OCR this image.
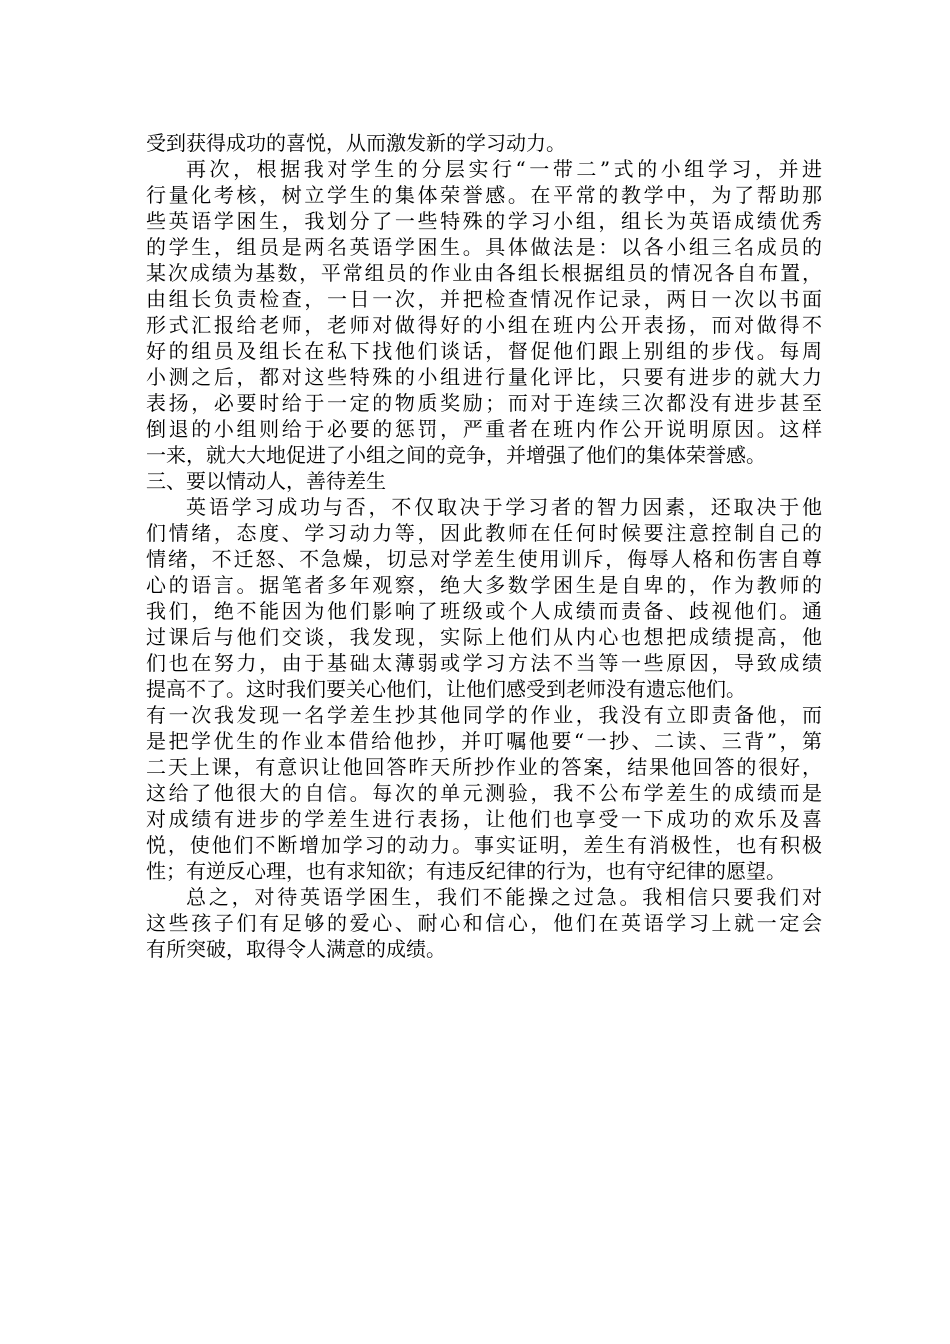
受到获得成功的喜悦，从而激发新的学习动力。
再次，根据我对学生的分层实行“一带二”式的小组学习，并进
行量化考核，树立学生的集体荣誉感。在平常的教学中，为了帮助那
些英语学困生，我划分了一些特殊的学习小组，组长为英语成绩优秀
的学生，组员是两名英语学困生。具体做法是：以各小组三名成员的
某次成绩为基数，平常组员的作业由各组长根据组员的情况各自布置，
由组长负责检查，一日一次，并把检查情况作记录，两日一次以书面
形式汇报给老师，老师对做得好的小组在班内公开表扬，而对做得不
好的组员及组长在私下找他们谈话，督促他们跟上别组的步伐。每周
小测之后，都对这些特殊的小组进行量化评比，只要有进步的就大力
表扬，必要时给于一定的物质奖励；而对于连续三次都没有进步甚至
倒退的小组则给于必要的惩罚，严重者在班内作公开说明原因。这样
一来，就大大地促进了小组之间的竞争，并增强了他们的集体荣誉感。
三、要以情动人，善待差生
英语学习成功与否，不仅取决于学习者的智力因素，还取决于他
们情绪，态度、学习动力等，因此教师在任何时候要注意控制自己的
情绪，不迁怒、不急燥，切忌对学差生使用训斥，侮辱人格和伤害自尊
心的语言。据笔者多年观察，绝大多数学困生是自卑的，作为教师的
我们，绝不能因为他们影响了班级或个人成绩而责备、歧视他们。通
过课后与他们交谈，我发现，实际上他们从内心也想把成绩提高，他
们也在努力，由于基础太薄弱或学习方法不当等一些原因，导致成绩
提高不了。这时我们要关心他们，让他们感受到老师没有遗忘他们。
有一次我发现一名学差生抄其他同学的作业，我没有立即责备他，而
是把学优生的作业本借给他抄，并叮嘱他要“一抄、二读、三背”，第
二天上课，有意识让他回答昨天所抄作业的答案，结果他回答的很好，
这给了他很大的自信。每次的单元测验，我不公布学差生的成绩而是
对成绩有进步的学差生进行表扬，让他们也享受一下成功的欢乐及喜
悦，使他们不断增加学习的动力。事实证明，差生有消极性，也有积极
性；有逆反心理，也有求知欲；有违反纪律的行为，也有守纪律的愿望。
总之，对待英语学困生，我们不能操之过急。我相信只要我们对
这些孩子们有足够的爱心、耐心和信心，他们在英语学习上就一定会
有所突破，取得令人满意的成绩。
